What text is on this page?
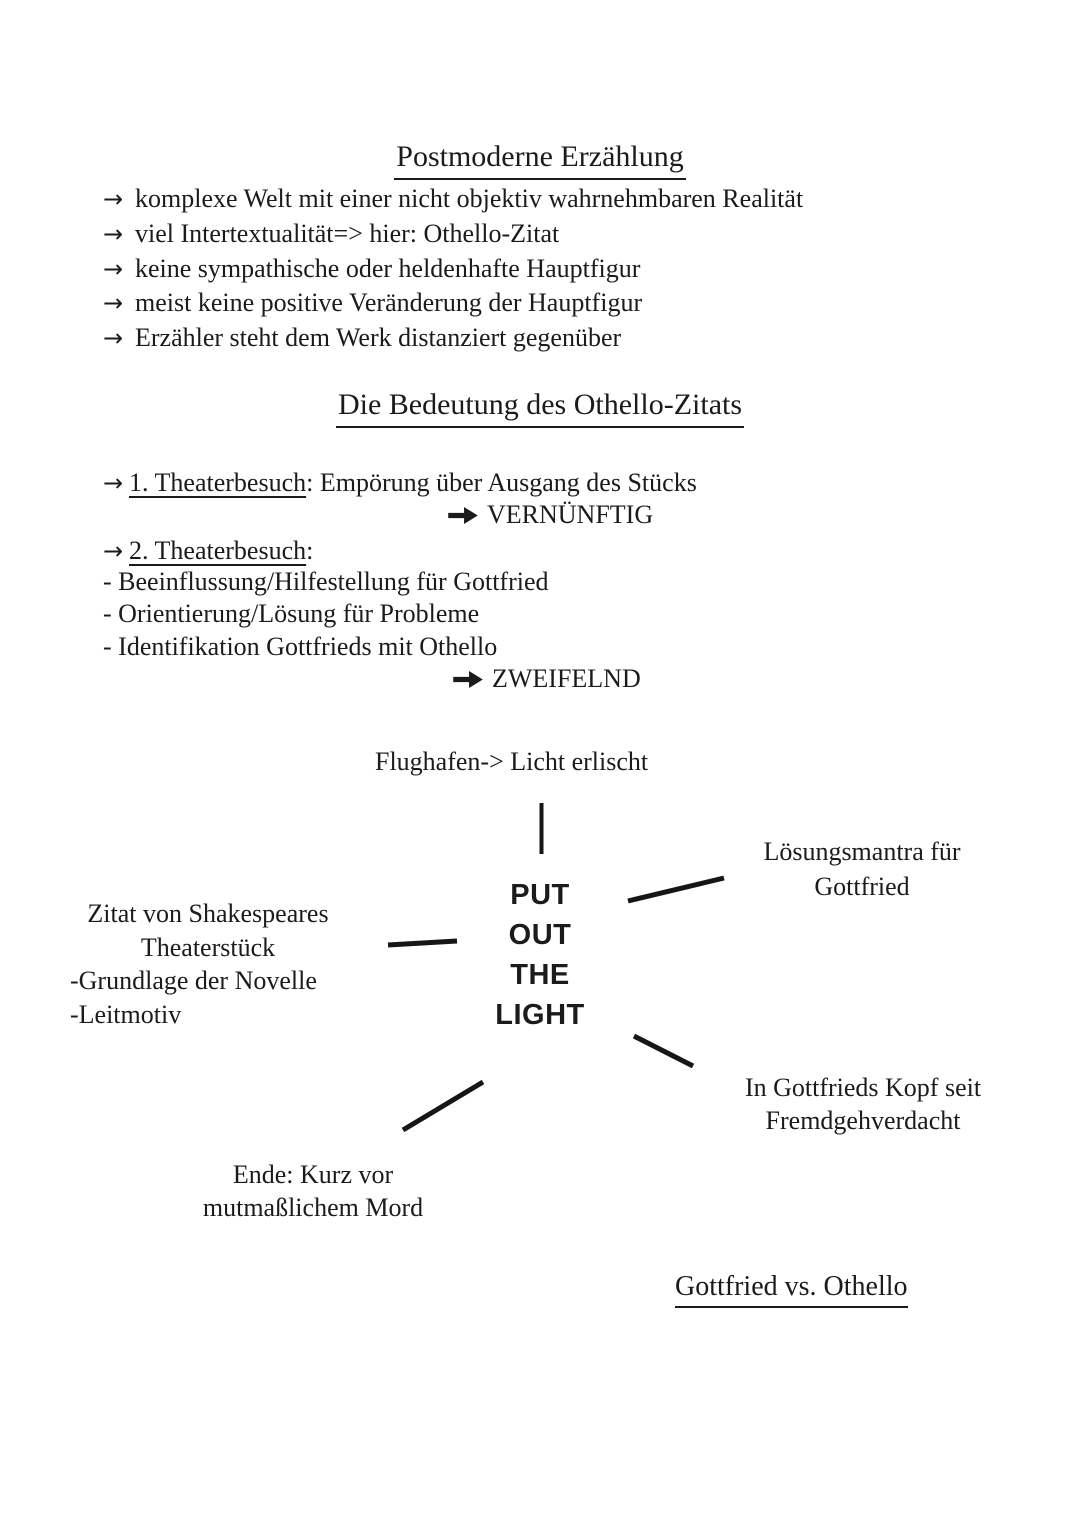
Postmoderne Erzählung
→ komplexe Welt mit einer nicht objektiv wahrnehmbaren Realität
→ viel Intertextualität=> hier: Othello-Zitat
→ keine sympathische oder heldenhafte Hauptfigur
→ meist keine positive Veränderung der Hauptfigur
→ Erzähler steht dem Werk distanziert gegenüber
Die Bedeutung des Othello-Zitats
→ 1. Theaterbesuch: Empörung über Ausgang des Stücks
VERNÜNFTIG
→ 2. Theaterbesuch:
- Beeinflussung/Hilfestellung für Gottfried
- Orientierung/Lösung für Probleme
- Identifikation Gottfrieds mit Othello
ZWEIFELND
Flughafen-> Licht erlischt
PUT
OUT
THE
LIGHT
Zitat von Shakespeares
Theaterstück
-Grundlage der Novelle
-Leitmotiv
Lösungsmantra für
Gottfried
In Gottfrieds Kopf seit
Fremdgehverdacht
Ende: Kurz vor
mutmaßlichem Mord
Gottfried vs. Othello
